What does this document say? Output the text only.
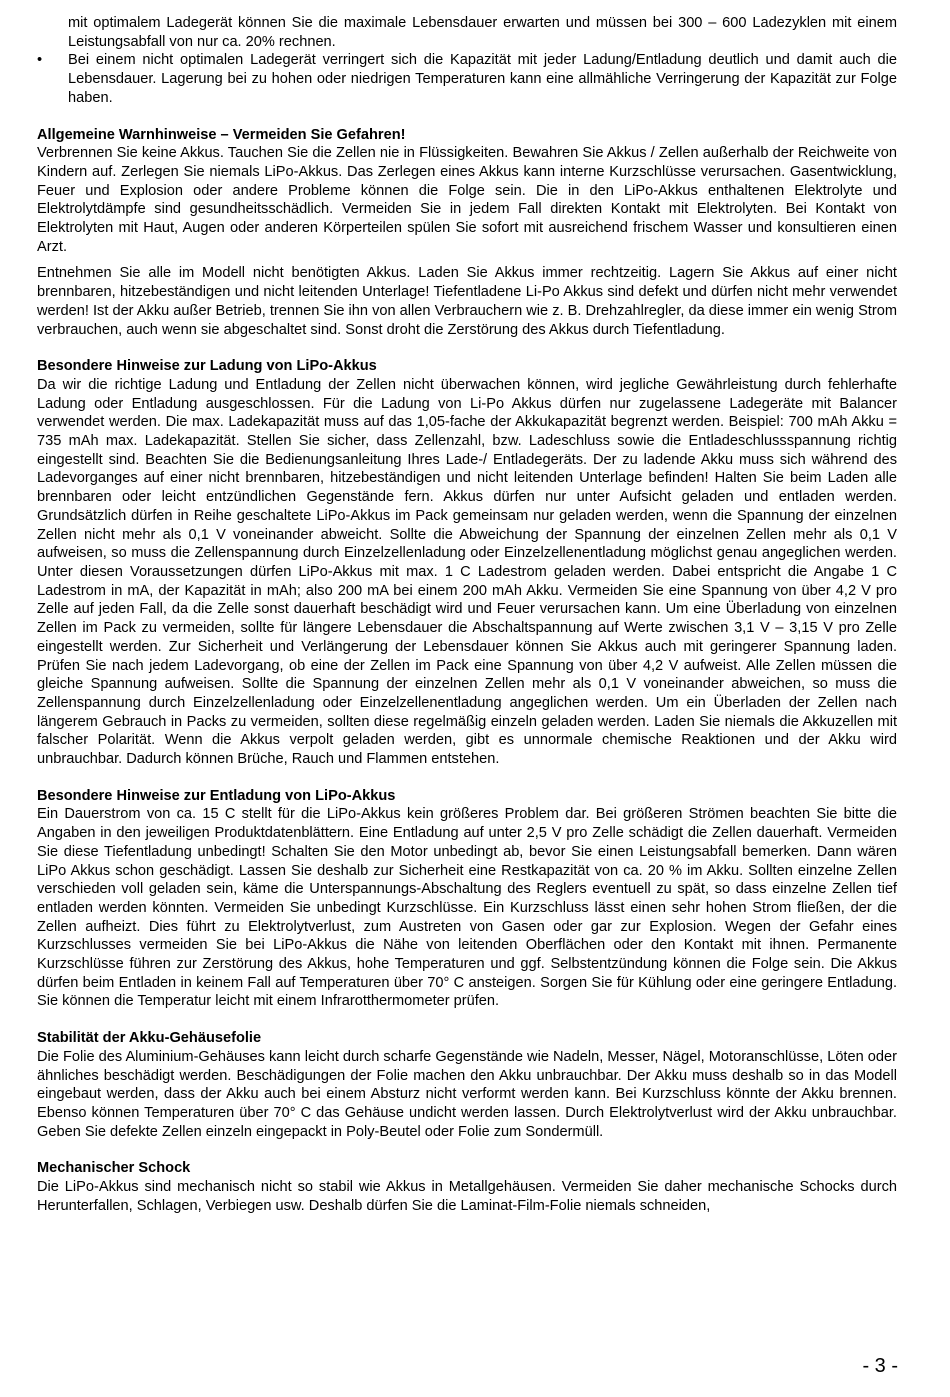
mit optimalem Ladegerät können Sie die maximale Lebensdauer erwarten und müssen bei 300 – 600 Ladezyklen mit einem Leistungsabfall von nur ca. 20% rechnen.
• Bei einem nicht optimalen Ladegerät verringert sich die Kapazität mit jeder Ladung/Entladung deutlich und damit auch die Lebensdauer. Lagerung bei zu hohen oder niedrigen Temperaturen kann eine allmähliche Verringerung der Kapazität zur Folge haben.
Allgemeine Warnhinweise – Vermeiden Sie Gefahren!

Verbrennen Sie keine Akkus. Tauchen Sie die Zellen nie in Flüssigkeiten. Bewahren Sie Akkus / Zellen außerhalb der Reichweite von Kindern auf. Zerlegen Sie niemals LiPo-Akkus. Das Zerlegen eines Akkus kann interne Kurzschlüsse verursachen. Gasentwicklung, Feuer und Explosion oder andere Probleme können die Folge sein. Die in den LiPo-Akkus enthaltenen Elektrolyte und Elektrolytdämpfe sind gesundheitsschädlich. Vermeiden Sie in jedem Fall direkten Kontakt mit Elektrolyten. Bei Kontakt von Elektrolyten mit Haut, Augen oder anderen Körperteilen spülen Sie sofort mit ausreichend frischem Wasser und konsultieren einen Arzt.

Entnehmen Sie alle im Modell nicht benötigten Akkus. Laden Sie Akkus immer rechtzeitig. Lagern Sie Akkus auf einer nicht brennbaren, hitzebeständigen und nicht leitenden Unterlage! Tiefentladene Li-Po Akkus sind defekt und dürfen nicht mehr verwendet werden! Ist der Akku außer Betrieb, trennen Sie ihn von allen Verbrauchern wie z. B. Drehzahlregler, da diese immer ein wenig Strom verbrauchen, auch wenn sie abgeschaltet sind. Sonst droht die Zerstörung des Akkus durch Tiefentladung.

Besondere Hinweise zur Ladung von LiPo-Akkus

Da wir die richtige Ladung und Entladung der Zellen nicht überwachen können, wird jegliche Gewährleistung durch fehlerhafte Ladung oder Entladung ausgeschlossen. Für die Ladung von Li-Po Akkus dürfen nur zugelassene Ladegeräte mit Balancer verwendet werden. Die max. Ladekapazität muss auf das 1,05-fache der Akkukapazität begrenzt werden. Beispiel: 700 mAh Akku = 735 mAh max. Ladekapazität. Stellen Sie sicher, dass Zellenzahl, bzw. Ladeschluss sowie die Entladeschlussspannung richtig eingestellt sind. Beachten Sie die Bedienungsanleitung Ihres Lade-/ Entladegeräts. Der zu ladende Akku muss sich während des Ladevorganges auf einer nicht brennbaren, hitzebeständigen und nicht leitenden Unterlage befinden! Halten Sie beim Laden alle brennbaren oder leicht entzündlichen Gegenstände fern. Akkus dürfen nur unter Aufsicht geladen und entladen werden. Grundsätzlich dürfen in Reihe geschaltete LiPo-Akkus im Pack gemeinsam nur geladen werden, wenn die Spannung der einzelnen Zellen nicht mehr als 0,1 V voneinander abweicht. Sollte die Abweichung der Spannung der einzelnen Zellen mehr als 0,1 V aufweisen, so muss die Zellenspannung durch Einzelzellenladung oder Einzelzellenentladung möglichst genau angeglichen werden. Unter diesen Voraussetzungen dürfen LiPo-Akkus mit max. 1 C Ladestrom geladen werden. Dabei entspricht die Angabe 1 C Ladestrom in mA, der Kapazität in mAh; also 200 mA bei einem 200 mAh Akku. Vermeiden Sie eine Spannung von über 4,2 V pro Zelle auf jeden Fall, da die Zelle sonst dauerhaft beschädigt wird und Feuer verursachen kann. Um eine Überladung von einzelnen Zellen im Pack zu vermeiden, sollte für längere Lebensdauer die Abschaltspannung auf Werte zwischen 3,1 V – 3,15 V pro Zelle eingestellt werden. Zur Sicherheit und Verlängerung der Lebensdauer können Sie Akkus auch mit geringerer Spannung laden. Prüfen Sie nach jedem Ladevorgang, ob eine der Zellen im Pack eine Spannung von über 4,2 V aufweist. Alle Zellen müssen die gleiche Spannung aufweisen. Sollte die Spannung der einzelnen Zellen mehr als 0,1 V voneinander abweichen, so muss die Zellenspannung durch Einzelzellenladung oder Einzelzellenentladung angeglichen werden. Um ein Überladen der Zellen nach längerem Gebrauch in Packs zu vermeiden, sollten diese regelmäßig einzeln geladen werden. Laden Sie niemals die Akkuzellen mit falscher Polarität. Wenn die Akkus verpolt geladen werden, gibt es unnormale chemische Reaktionen und der Akku wird unbrauchbar. Dadurch können Brüche, Rauch und Flammen entstehen.

Besondere Hinweise zur Entladung von LiPo-Akkus

Ein Dauerstrom von ca. 15 C stellt für die LiPo-Akkus kein größeres Problem dar. Bei größeren Strömen beachten Sie bitte die Angaben in den jeweiligen Produktdatenblättern. Eine Entladung auf unter 2,5 V pro Zelle schädigt die Zellen dauerhaft. Vermeiden Sie diese Tiefentladung unbedingt! Schalten Sie den Motor unbedingt ab, bevor Sie einen Leistungsabfall bemerken. Dann wären LiPo Akkus schon geschädigt. Lassen Sie deshalb zur Sicherheit eine Restkapazität von ca. 20 % im Akku. Sollten einzelne Zellen verschieden voll geladen sein, käme die Unterspannungs-Abschaltung des Reglers eventuell zu spät, so dass einzelne Zellen tief entladen werden könnten. Vermeiden Sie unbedingt Kurzschlüsse. Ein Kurzschluss lässt einen sehr hohen Strom fließen, der die Zellen aufheizt. Dies führt zu Elektrolytverlust, zum Austreten von Gasen oder gar zur Explosion. Wegen der Gefahr eines Kurzschlusses vermeiden Sie bei LiPo-Akkus die Nähe von leitenden Oberflächen oder den Kontakt mit ihnen. Permanente Kurzschlüsse führen zur Zerstörung des Akkus, hohe Temperaturen und ggf. Selbstentzündung können die Folge sein. Die Akkus dürfen beim Entladen in keinem Fall auf Temperaturen über 70° C ansteigen. Sorgen Sie für Kühlung oder eine geringere Entladung. Sie können die Temperatur leicht mit einem Infrarotthermometer prüfen.

Stabilität der Akku-Gehäusefolie

Die Folie des Aluminium-Gehäuses kann leicht durch scharfe Gegenstände wie Nadeln, Messer, Nägel, Motoranschlüsse, Löten oder ähnliches beschädigt werden. Beschädigungen der Folie machen den Akku unbrauchbar. Der Akku muss deshalb so in das Modell eingebaut werden, dass der Akku auch bei einem Absturz nicht verformt werden kann. Bei Kurzschluss könnte der Akku brennen. Ebenso können Temperaturen über 70° C das Gehäuse undicht werden lassen. Durch Elektrolytverlust wird der Akku unbrauchbar. Geben Sie defekte Zellen einzeln eingepackt in Poly-Beutel oder Folie zum Sondermüll.

Mechanischer Schock

Die LiPo-Akkus sind mechanisch nicht so stabil wie Akkus in Metallgehäusen. Vermeiden Sie daher mechanische Schocks durch Herunterfallen, Schlagen, Verbiegen usw. Deshalb dürfen Sie die Laminat-Film-Folie niemals schneiden,

- 3 -
